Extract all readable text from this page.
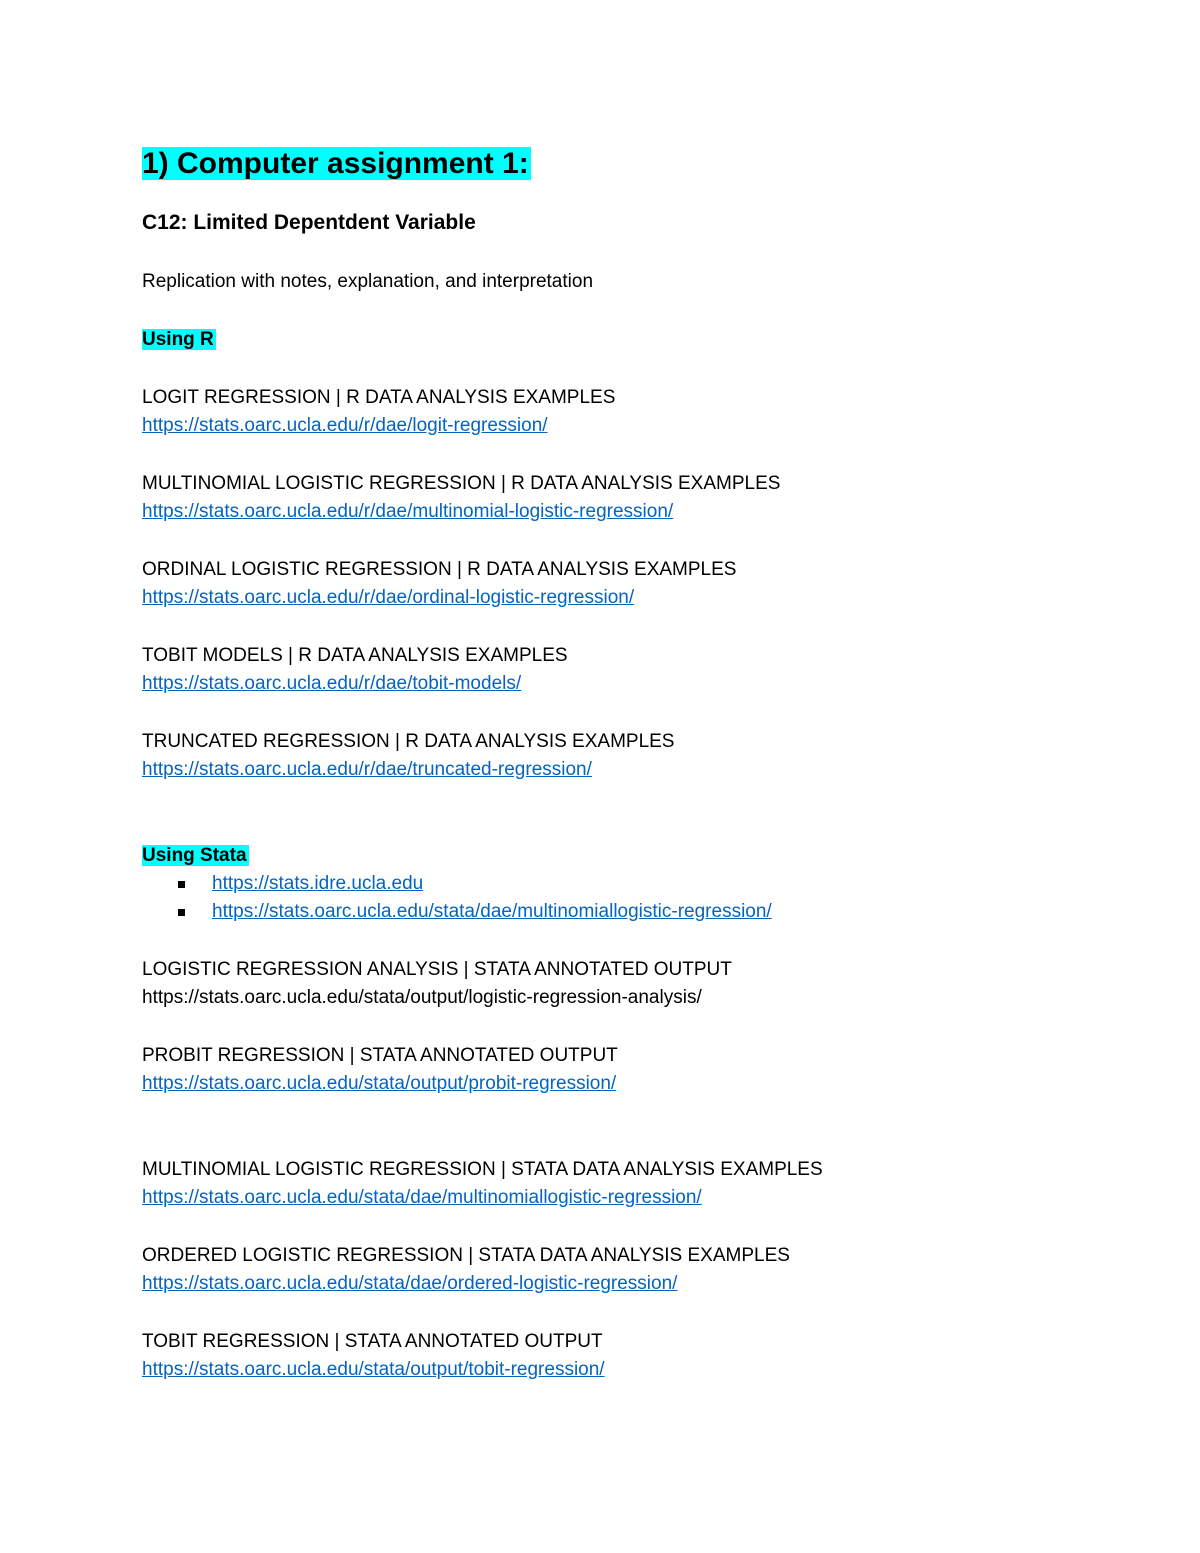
1) Computer assignment 1:
C12: Limited Depentdent Variable
Replication with notes, explanation, and interpretation
Using R
LOGIT REGRESSION | R DATA ANALYSIS EXAMPLES
https://stats.oarc.ucla.edu/r/dae/logit-regression/
MULTINOMIAL LOGISTIC REGRESSION | R DATA ANALYSIS EXAMPLES
https://stats.oarc.ucla.edu/r/dae/multinomial-logistic-regression/
ORDINAL LOGISTIC REGRESSION | R DATA ANALYSIS EXAMPLES
https://stats.oarc.ucla.edu/r/dae/ordinal-logistic-regression/
TOBIT MODELS | R DATA ANALYSIS EXAMPLES
https://stats.oarc.ucla.edu/r/dae/tobit-models/
TRUNCATED REGRESSION | R DATA ANALYSIS EXAMPLES
https://stats.oarc.ucla.edu/r/dae/truncated-regression/
Using Stata
https://stats.idre.ucla.edu
https://stats.oarc.ucla.edu/stata/dae/multinomiallogistic-regression/
LOGISTIC REGRESSION ANALYSIS | STATA ANNOTATED OUTPUT
https://stats.oarc.ucla.edu/stata/output/logistic-regression-analysis/
PROBIT REGRESSION | STATA ANNOTATED OUTPUT
https://stats.oarc.ucla.edu/stata/output/probit-regression/
MULTINOMIAL LOGISTIC REGRESSION | STATA DATA ANALYSIS EXAMPLES
https://stats.oarc.ucla.edu/stata/dae/multinomiallogistic-regression/
ORDERED LOGISTIC REGRESSION | STATA DATA ANALYSIS EXAMPLES
https://stats.oarc.ucla.edu/stata/dae/ordered-logistic-regression/
TOBIT REGRESSION | STATA ANNOTATED OUTPUT
https://stats.oarc.ucla.edu/stata/output/tobit-regression/
